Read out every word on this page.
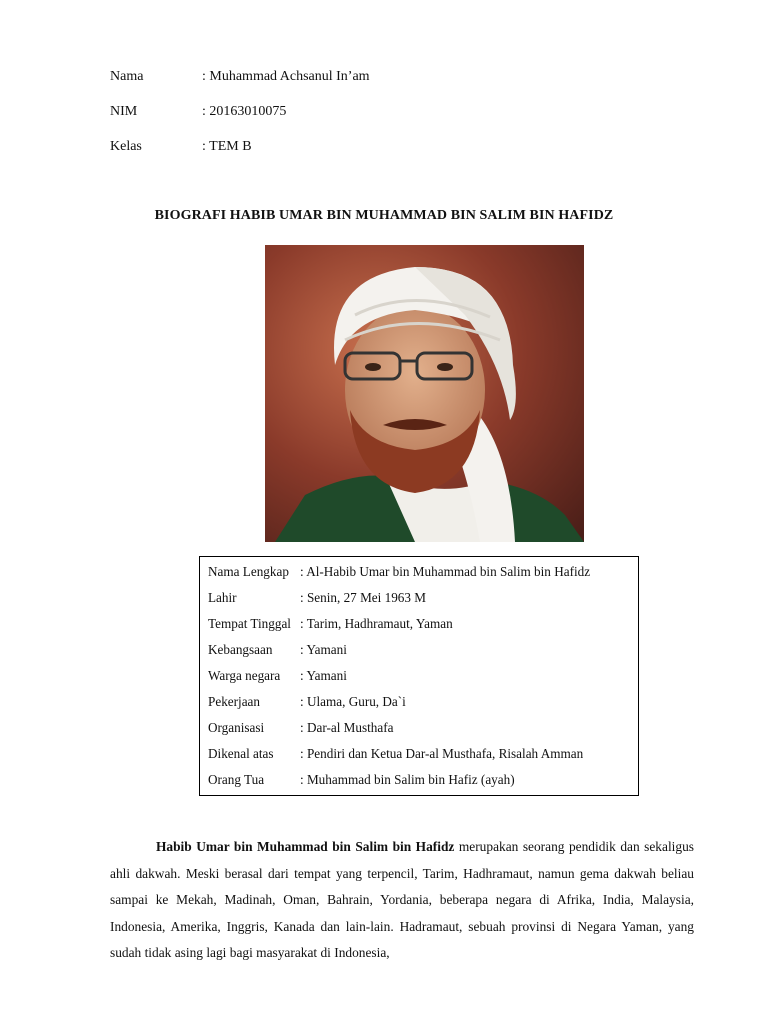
Nama	: Muhammad Achsanul In’am
NIM	: 20163010075
Kelas	: TEM B
BIOGRAFI HABIB UMAR BIN MUHAMMAD BIN SALIM BIN HAFIDZ
Nama Lengkap : Al-Habib Umar bin Muhammad bin Salim bin Hafidz
Lahir	: Senin, 27 Mei 1963 M
Tempat Tinggal : Tarim, Hadhramaut, Yaman
Kebangsaan : Yamani
Warga negara : Yamani
Pekerjaan	: Ulama, Guru, Da`i
Organisasi	: Dar-al Musthafa
Dikenal atas : Pendiri dan Ketua Dar-al Musthafa, Risalah Amman
Orang Tua	: Muhammad bin Salim bin Hafiz (ayah)

Habib Umar bin Muhammad bin Salim bin Hafidz merupakan seorang pendidik dan sekaligus ahli dakwah. Meski berasal dari tempat yang terpencil, Tarim, Hadhramaut, namun gema dakwah beliau sampai ke Mekah, Madinah, Oman, Bahrain, Yordania, beberapa negara di Afrika, India, Malaysia, Indonesia, Amerika, Inggris, Kanada dan lain-lain. Hadramaut, sebuah provinsi di Negara Yaman, yang sudah tidak asing lagi bagi masyarakat di Indonesia,
